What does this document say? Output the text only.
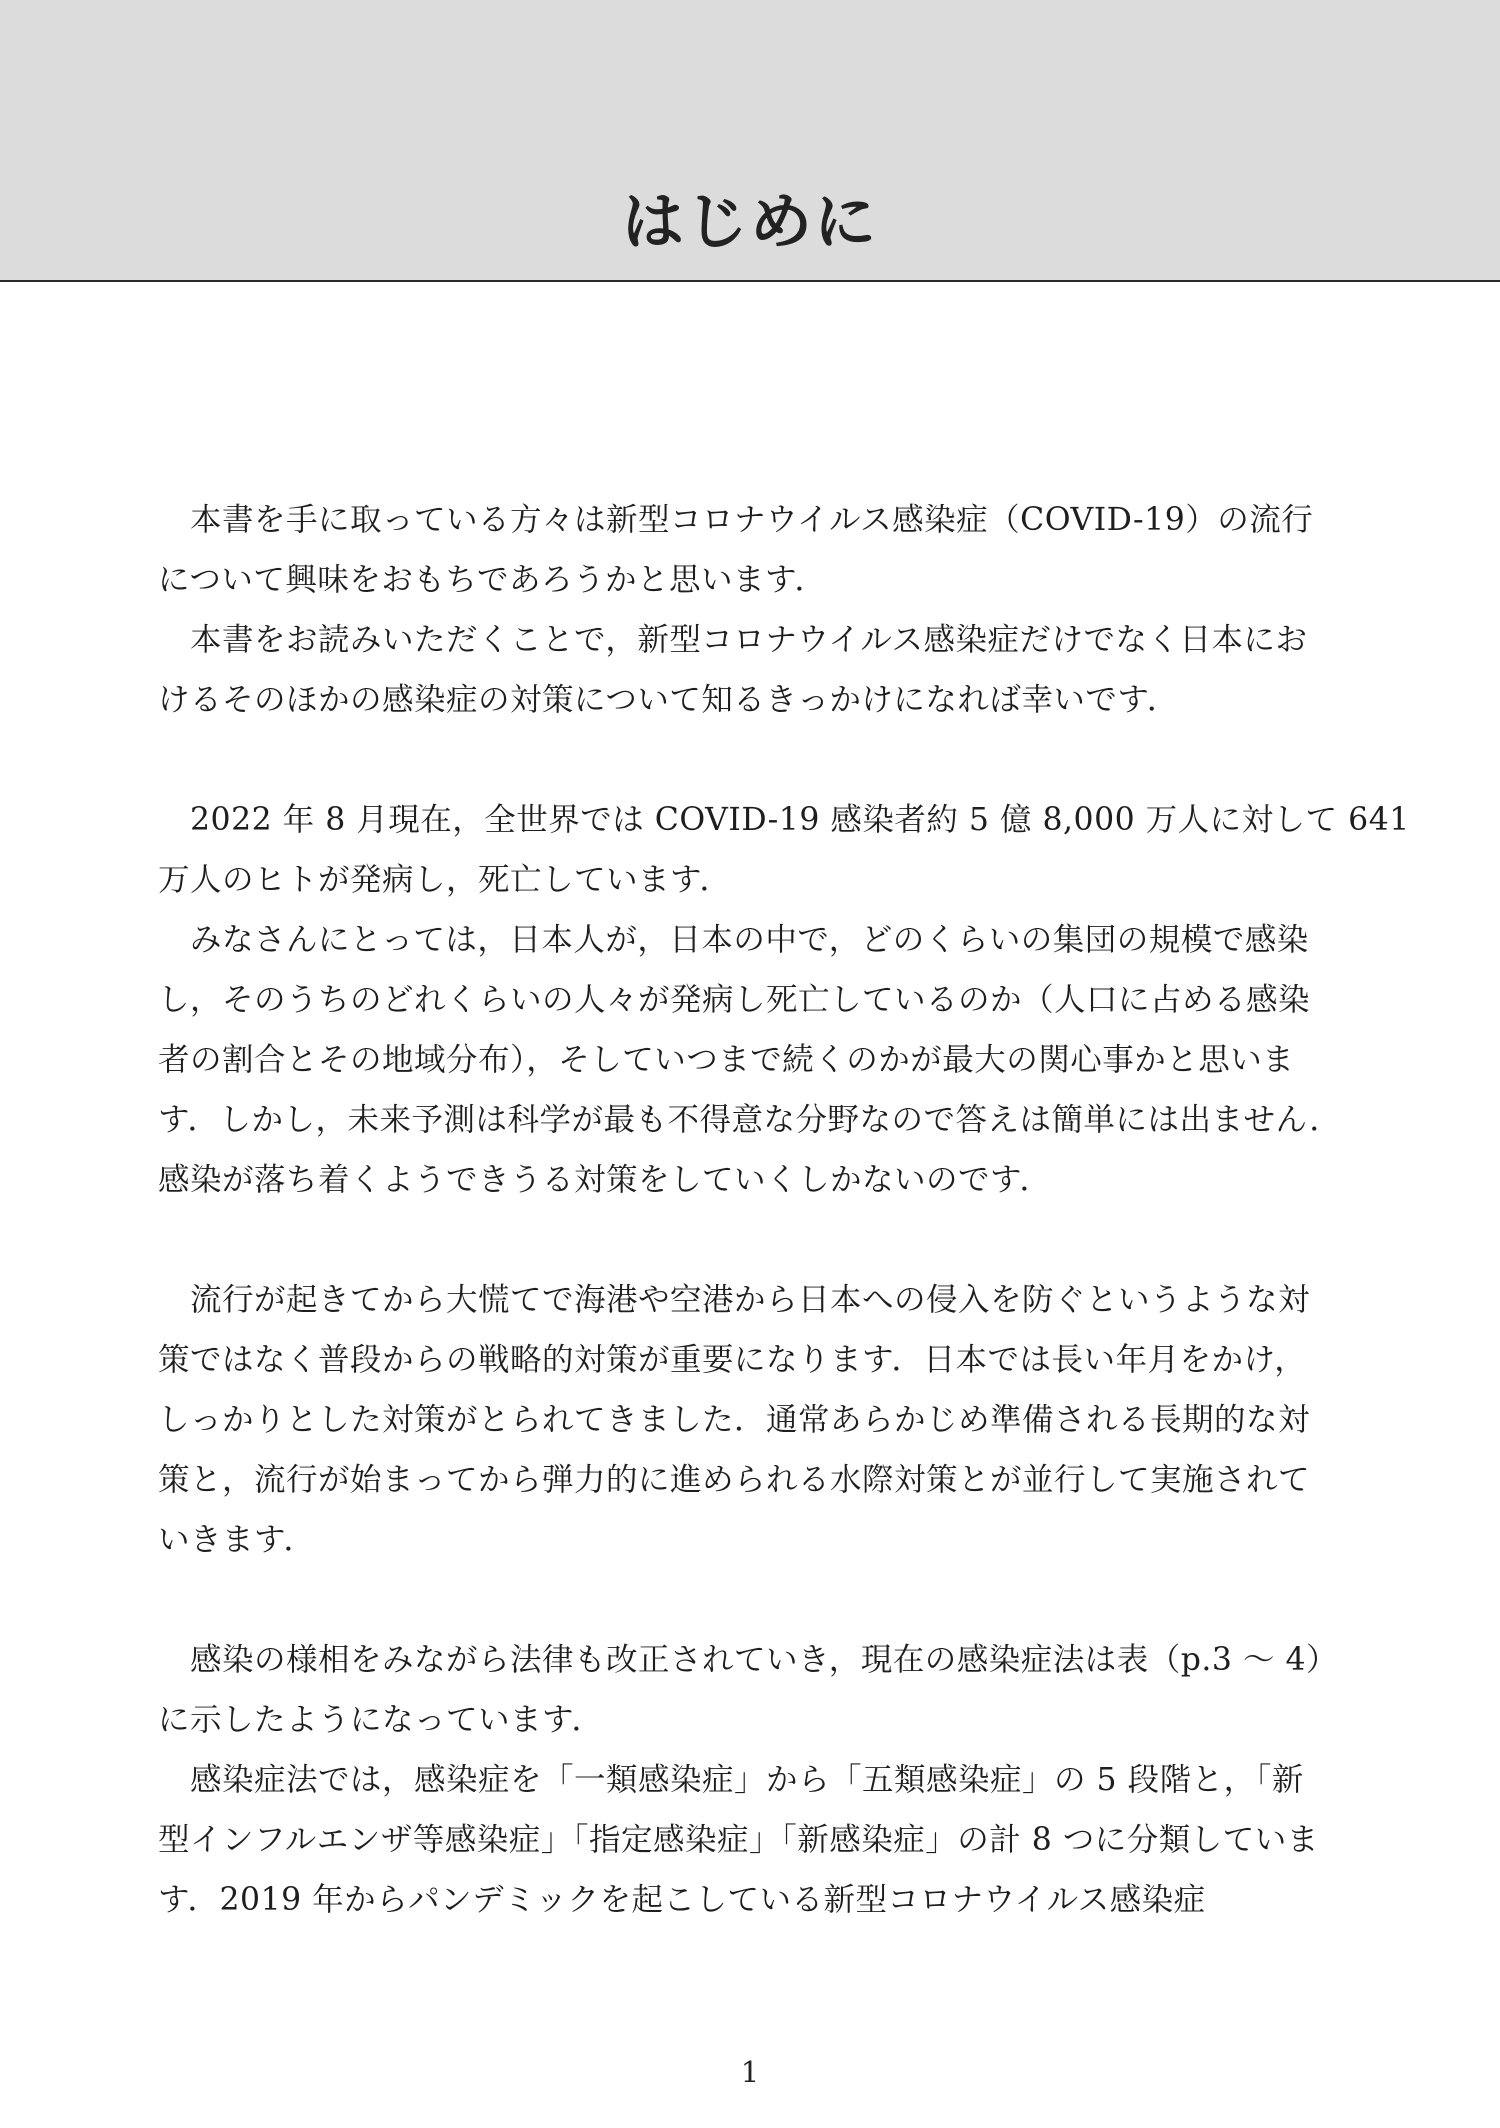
はじめに
　本書を手に取っている方々は新型コロナウイルス感染症（COVID-19）の流行
について興味をおもちであろうかと思います．
　本書をお読みいただくことで，新型コロナウイルス感染症だけでなく日本にお
けるそのほかの感染症の対策について知るきっかけになれば幸いです．
　2022 年 8 月現在，全世界では COVID-19 感染者約 5 億 8,000 万人に対して 641
万人のヒトが発病し，死亡しています．
　みなさんにとっては，日本人が，日本の中で，どのくらいの集団の規模で感染
し，そのうちのどれくらいの人々が発病し死亡しているのか（人口に占める感染
者の割合とその地域分布），そしていつまで続くのかが最大の関心事かと思いま
す．しかし，未来予測は科学が最も不得意な分野なので答えは簡単には出ません．
感染が落ち着くようできうる対策をしていくしかないのです．
　流行が起きてから大慌てで海港や空港から日本への侵入を防ぐというような対
策ではなく普段からの戦略的対策が重要になります．日本では長い年月をかけ，
しっかりとした対策がとられてきました．通常あらかじめ準備される長期的な対
策と，流行が始まってから弾力的に進められる水際対策とが並行して実施されて
いきます．
　感染の様相をみながら法律も改正されていき，現在の感染症法は表（p.3 〜 4）
に示したようになっています．
　感染症法では，感染症を「一類感染症」から「五類感染症」の 5 段階と，「新
型インフルエンザ等感染症」「指定感染症」「新感染症」の計 8 つに分類していま
す．2019 年からパンデミックを起こしている新型コロナウイルス感染症
1
